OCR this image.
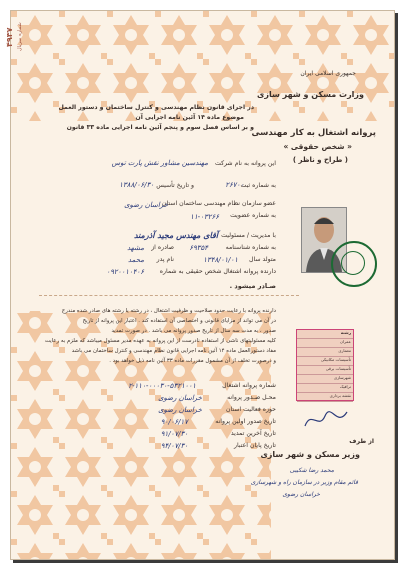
۴۹۳۷ شماره سریال
جمهوری اسلامی ایران
وزارت مسکن و شهر سازی
پروانه اشتغال به کار مهندسی
« شخص حقوقی »
( طراح و ناظر )
در اجرای قانون نظام مهندسی و کنترل ساختمان و دستور العمل
موضوع ماده ۱۴ آئین نامه اجرایی آن
و بر اساس فصل سوم و پنجم آئین نامه اجرایی ماده ۳۳ قانون
این پروانه به نام شرکت
مهندسین مشاور نقش پارت توس
به شماره ثبت
۲۶۷۰۰
و تاریخ تأسیس
۱۳۸۸/۰۶/۳۰
عضو سازمان نظام مهندسی ساختمان استان
خراسان رضوی
به شماره عضویت
۱۱-۰۳۲۶۶
با مدیریت / مسئولیت
آقای مهندس مجید آذرمند
به شماره شناسنامه
۶۹۳۵۴
صادره از
مشهد
متولد سال
۱۳۴۸/۰۱/۰۱
نام پدر
محمد
دارنده پروانه اشتغال شخص حقیقی به شماره
۰۹۲۰۰۱۰۴۰۶
صـادر میشود .
دارنده پروانه با رعایت حدود صلاحیت و ظرفیت اشتغال ، در رشته یا رشته های صادر شده مندرج
در آن می تواند از مزایای قانونی و اختصاصی آن استفاده کند . اعتبار این پروانه از تاریخ
صدور ، به مدت سه سال از تاریخ صدور پروانه می باشد . در صورت تمدید
کلیه مسئولیتهای ناشی از استفاده نادرست از این پروانه به عهده مدیر مسئول میباشد که ملزم به رعایت
مفاد دستورالعمل ماده ۱۴ آئین نامه اجرایی قانون نظام مهندسی و کنترل ساختمان می باشد
و درصورت تخلف از آن مشمول مقررات ماده ۳۳ آئین نامه ذیل خواهد بود .
رشته
عمران
معماری
تأسیسات مکانیکی
تأسیسات برقی
شهرسازی
ترافیک
نقشه برداری
شماره پروانه اشتغال
۲-۱۱۰-۰۰۰۳۰-۵۳۲۱۰۰۱
محـل صـدور پروانه
خراسان رضوی
حوزه فعالیت استان
خراسان رضوی
تاریخ صدور اولین پروانه
۹۰/۰۶/۱۷
تاریخ آخرین تمدید
۹۱/۰۷/۳۰
تاریخ پایان اعتبار
۹۴/۰۷/۳۰
از طرف
وزیر مسکن و شهر سازی
محمد رضا شکیبی
قائم مقام وزیر در سازمان راه و شهرسازی
خراسان رضوی
